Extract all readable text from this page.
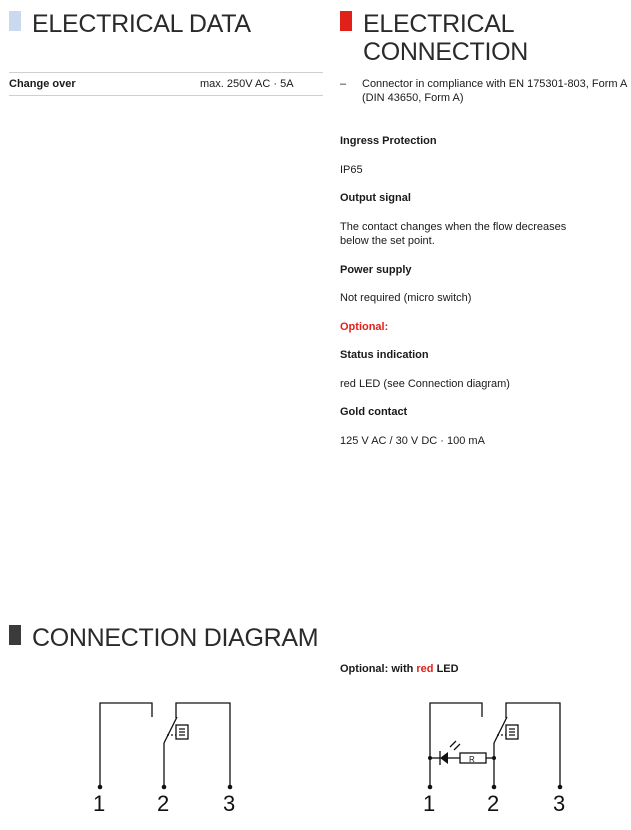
ELECTRICAL DATA
Change over	max. 250V AC · 5A
ELECTRICAL CONNECTION
–	Connector in compliance with EN 175301-803, Form A (DIN 43650, Form A)
Ingress Protection
IP65
Output signal
The contact changes when the flow decreases below the set point.
Power supply
Not required (micro switch)
Optional:
Status indication
red LED (see Connection diagram)
Gold contact
125 V AC / 30 V DC · 100 mA
CONNECTION DIAGRAM
Optional: with red LED
1 2 3
R
1 2 3
